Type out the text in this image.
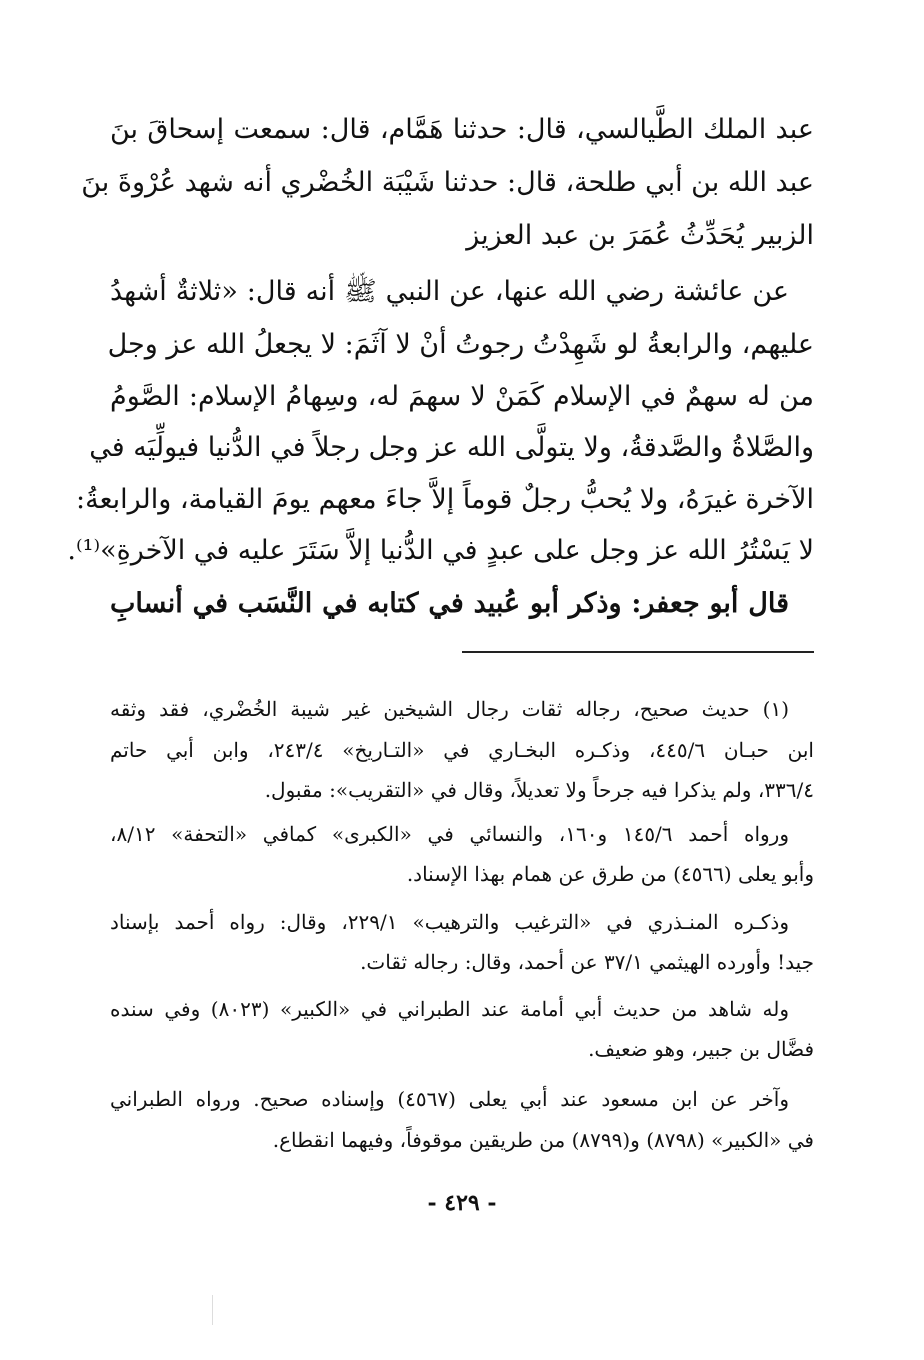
عبد الملك الطَّيالسي، قال: حدثنا هَمَّام، قال: سمعت إسحاقَ بنَ
عبد الله بن أبي طلحة، قال: حدثنا شَيْبَة الخُضْري أنه شهد عُرْوةَ بنَ
الزبير يُحَدِّثُ عُمَرَ بن عبد العزيز
عن عائشة رضي الله عنها، عن النبي ﷺ أنه قال: «ثلاثةٌ أشهدُ
عليهم، والرابعةُ لو شَهِدْتُ رجوتُ أنْ لا آثَمَ: لا يجعلُ الله عز وجل
من له سهمٌ في الإسلام كَمَنْ لا سهمَ له، وسِهامُ الإسلام: الصَّومُ
والصَّلاةُ والصَّدقةُ، ولا يتولَّى الله عز وجل رجلاً في الدُّنيا فيولِّيَه في
الآخرة غيرَهُ، ولا يُحبُّ رجلٌ قوماً إلاَّ جاءَ معهم يومَ القيامة، والرابعةُ:
لا يَسْتُرُ الله عز وجل على عبدٍ في الدُّنيا إلاَّ سَتَرَ عليه في الآخرةِ»⁽¹⁾.
قال أبو جعفر: وذكر أبو عُبيد في كتابه في النَّسَب في أنسابِ
(١) حديث صحيح، رجاله ثقات رجال الشيخين غير شيبة الخُضْري، فقد وثقه
ابن حبـان ٤٤٥/٦، وذكـره البخـاري في «التـاريخ» ٢٤٣/٤، وابن أبي حاتم
٣٣٦/٤، ولم يذكرا فيه جرحاً ولا تعديلاً، وقال في «التقريب»: مقبول.
ورواه أحمد ١٤٥/٦ و١٦٠، والنسائي في «الكبرى» كمافي «التحفة» ٨/١٢،
وأبو يعلى (٤٥٦٦) من طرق عن همام بهذا الإسناد.
وذكـره المنـذري في «الترغيب والترهيب» ٢٢٩/١، وقال: رواه أحمد بإسناد
جيد! وأورده الهيثمي ٣٧/١ عن أحمد، وقال: رجاله ثقات.
وله شاهد من حديث أبي أمامة عند الطبراني في «الكبير» (٨٠٢٣) وفي سنده
فضَّال بن جبير، وهو ضعيف.
وآخر عن ابن مسعود عند أبي يعلى (٤٥٦٧) وإسناده صحيح. ورواه الطبراني
في «الكبير» (٨٧٩٨) و(٨٧٩٩) من طريقين موقوفاً، وفيهما انقطاع.
- ٤٢٩ -
